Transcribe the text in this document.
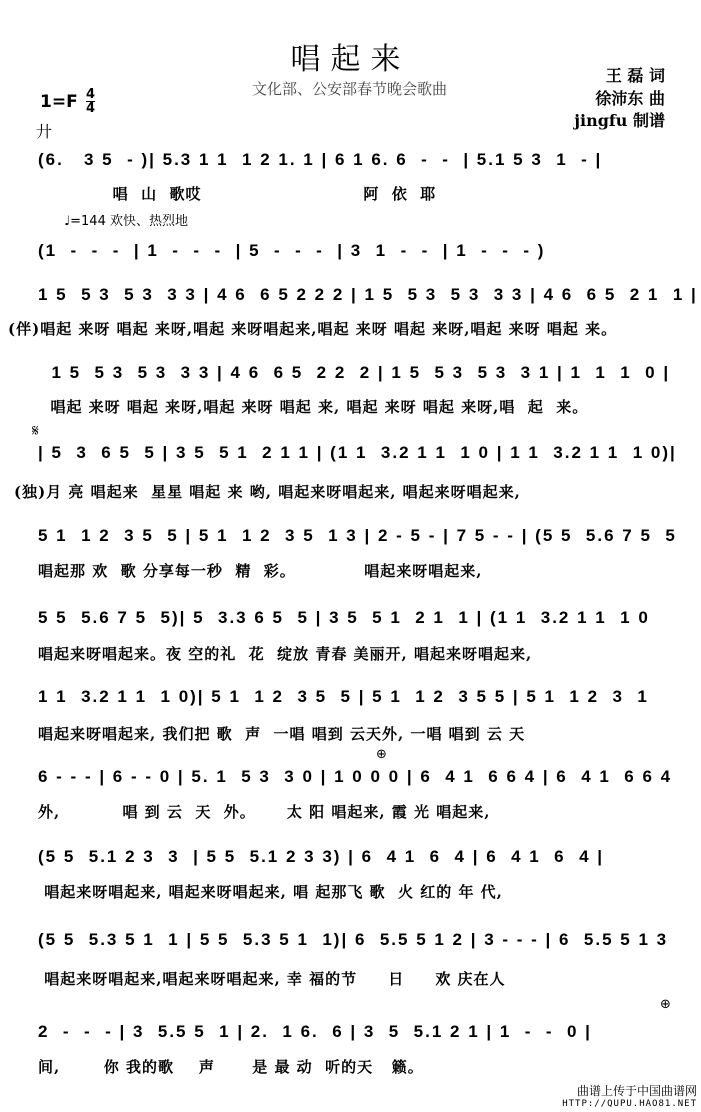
唱起来
文化部、公安部春节晚会歌曲
王 磊 词
徐沛东 曲
jingfu 制谱
1=F 4
4
廾
♩=144 欢快、热烈地
𝄋
⊕
⊕
(6.   3 5  - )| 5.3 1 1  1 2 1. 1 | 6 1 6. 6  -  -  | 5.1 5 3  1  - |
唱  山  歌哎                          阿  依  耶
(1  -  -  -  | 1  -  -  -  | 5  -  -  -  | 3  1  -  -  | 1  -  -  - )
1 5  5 3  5 3  3 3 | 4 6  6 5 2 2 2 | 1 5  5 3  5 3  3 3 | 4 6  6 5  2 1  1 |
(伴)唱起 来呀 唱起 来呀,唱起 来呀唱起来,唱起 来呀 唱起 来呀,唱起 来呀 唱起 来。
1 5  5 3  5 3  3 3 | 4 6  6 5  2 2  2 | 1 5  5 3  5 3  3 1 | 1  1  1  0 |
唱起 来呀 唱起 来呀,唱起 来呀 唱起 来, 唱起 来呀 唱起 来呀,唱  起  来。
| 5  3  6 5  5 | 3 5  5 1  2 1 1 | (1 1  3.2 1 1  1 0 | 1 1  3.2 1 1  1 0)|
(独)月 亮 唱起来  星星 唱起 来 哟, 唱起来呀唱起来, 唱起来呀唱起来,
5 1  1 2  3 5  5 | 5 1  1 2  3 5  1 3 | 2 - 5 - | 7 5 - - | (5 5  5.6 7 5  5
唱起那 欢  歌 分享每一秒  精  彩。           唱起来呀唱起来,
5 5  5.6 7 5  5)| 5  3.3 6 5  5 | 3 5  5 1  2 1  1 | (1 1  3.2 1 1  1 0
唱起来呀唱起来。夜 空的礼  花  绽放 青春 美丽开, 唱起来呀唱起来,
1 1  3.2 1 1  1 0)| 5 1  1 2  3 5  5 | 5 1  1 2  3 5 5 | 5 1  1 2  3  1
唱起来呀唱起来, 我们把 歌  声  一唱 唱到 云天外, 一唱 唱到 云 天
6 - - - | 6 - - 0 | 5. 1  5 3  3 0 | 1 0 0 0 | 6  4 1  6 6 4 | 6  4 1  6 6 4
外,          唱 到 云  天  外。     太 阳 唱起来, 霞 光 唱起来,
(5 5  5.1 2 3  3  | 5 5  5.1 2 3 3) | 6  4 1  6  4 | 6  4 1  6  4 |
唱起来呀唱起来, 唱起来呀唱起来, 唱 起那飞 歌  火 红的 年 代,
(5 5  5.3 5 1  1 | 5 5  5.3 5 1  1)| 6  5.5 5 1 2 | 3 - - - | 6  5.5 5 1 3
唱起来呀唱起来,唱起来呀唱起来, 幸 福的节     日     欢 庆在人
2  -  -  - | 3  5.5 5  1 | 2.  1 6.  6 | 3  5  5.1 2 1 | 1  -  -  0 |
间,       你 我的歌    声      是 最 动  听的天   籁。
曲谱上传于中国曲谱网
HTTP://QUPU.HAO81.NET
